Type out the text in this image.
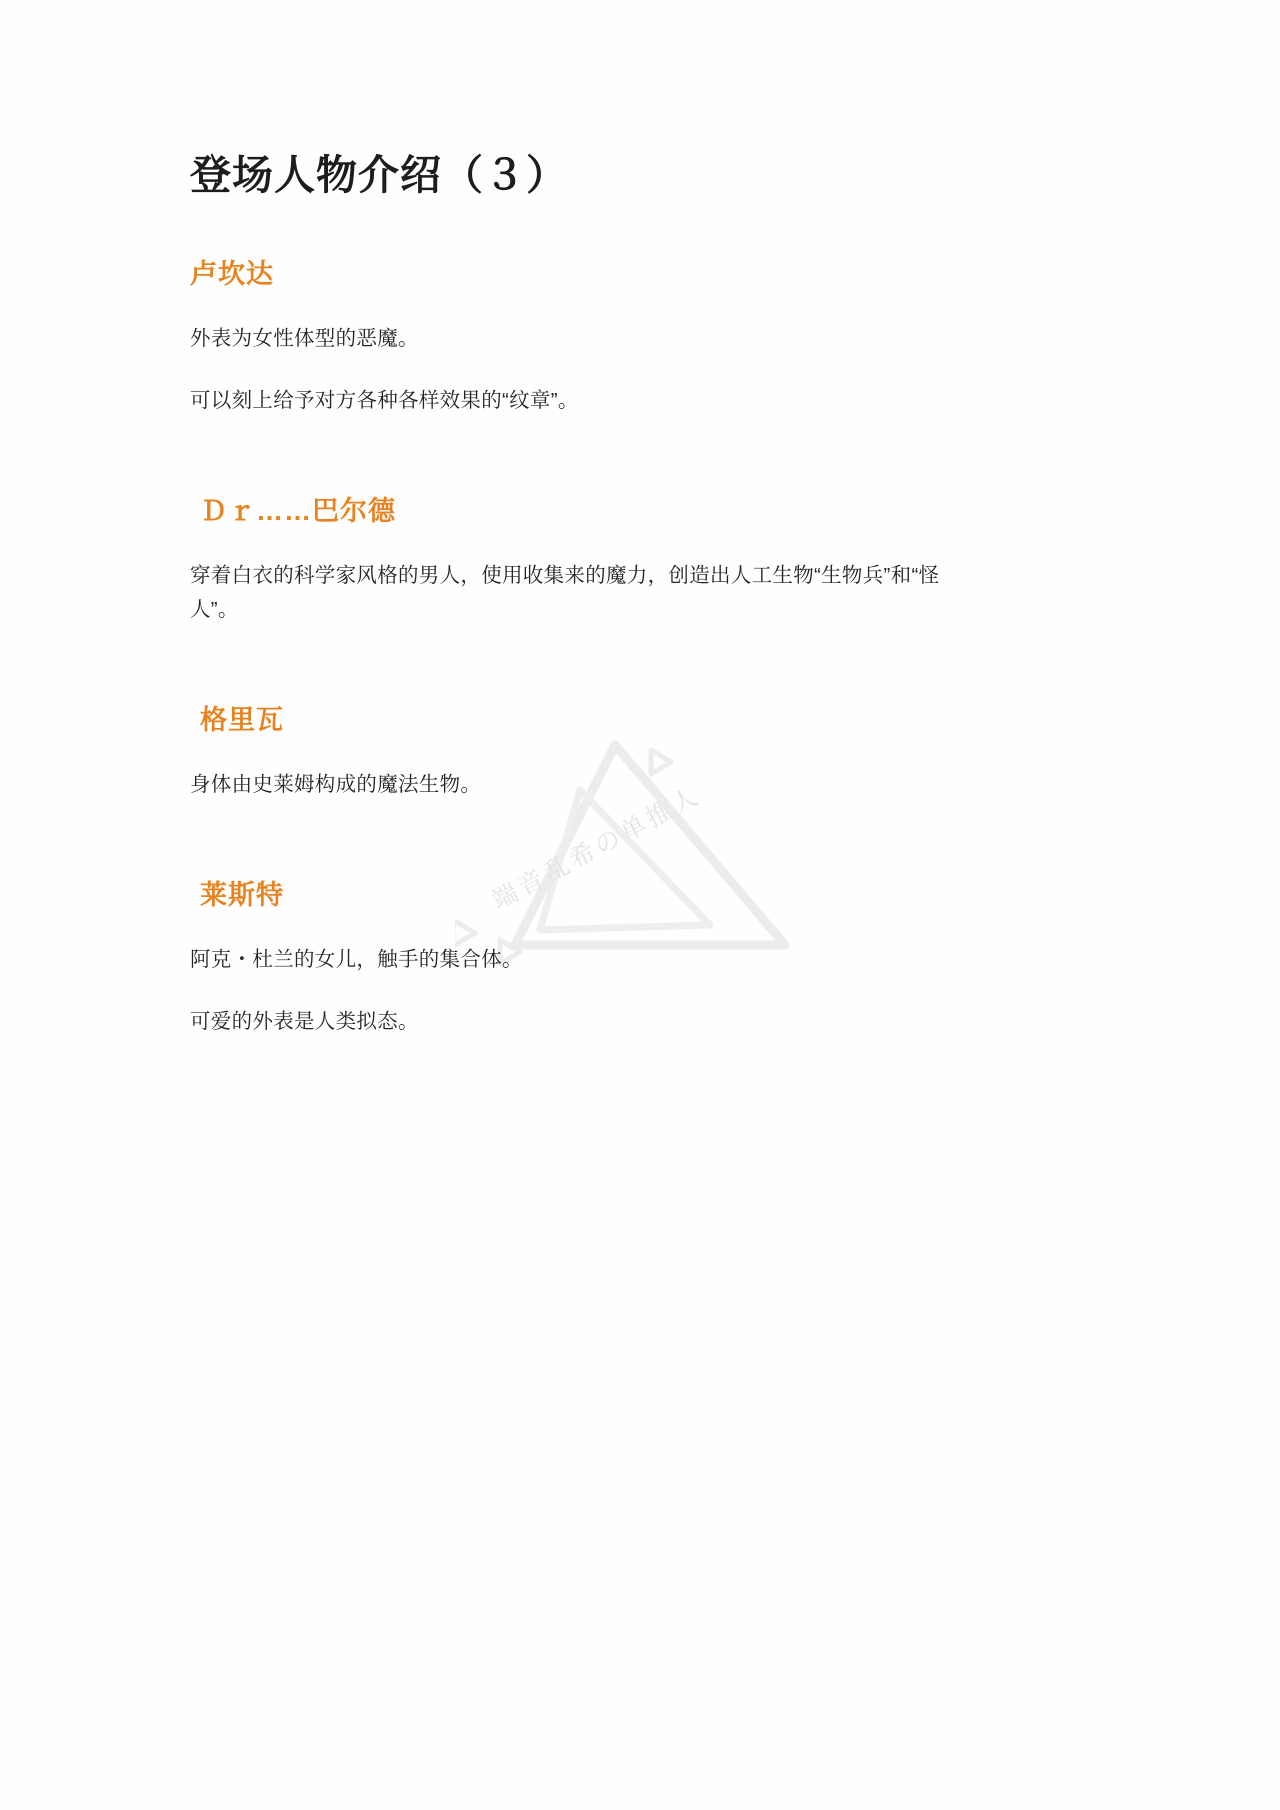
端音乱希の单推人
登场人物介绍（３）
卢坎达

外表为女性体型的恶魔。

可以刻上给予对方各种各样效果的“纹章”。

Ｄｒ……巴尔德

穿着白衣的科学家风格的男人，使用收集来的魔力，创造出人工生物“生物兵”和“怪人”。

格里瓦

身体由史莱姆构成的魔法生物。

莱斯特

阿克・杜兰的女儿，触手的集合体。

可爱的外表是人类拟态。
